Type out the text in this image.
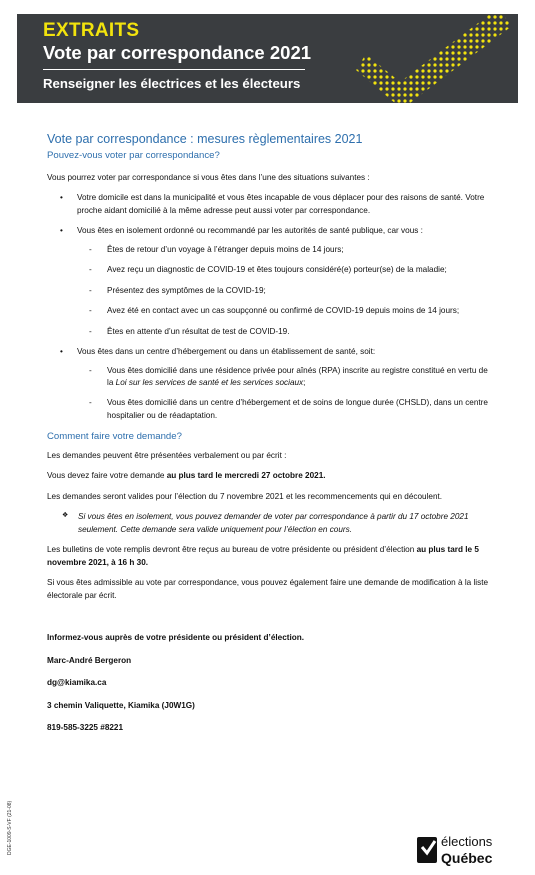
EXTRAITS
Vote par correspondance 2021
Renseigner les électrices et les électeurs
Vote par correspondance : mesures règlementaires 2021
Pouvez-vous voter par correspondance?

Vous pourrez voter par correspondance si vous êtes dans l’une des situations suivantes :

• Votre domicile est dans la municipalité et vous êtes incapable de vous déplacer pour des raisons de santé. Votre proche aidant domicilié à la même adresse peut aussi voter par correspondance.
• Vous êtes en isolement ordonné ou recommandé par les autorités de santé publique, car vous :
- Êtes de retour d’un voyage à l’étranger depuis moins de 14 jours;
- Avez reçu un diagnostic de COVID-19 et êtes toujours considéré(e) porteur(se) de la maladie;
- Présentez des symptômes de la COVID-19;
- Avez été en contact avec un cas soupçonné ou confirmé de COVID-19 depuis moins de 14 jours;
- Êtes en attente d’un résultat de test de COVID-19.
• Vous êtes dans un centre d’hébergement ou dans un établissement de santé, soit:
- Vous êtes domicilié dans une résidence privée pour aînés (RPA) inscrite au registre constitué en vertu de la Loi sur les services de santé et les services sociaux;
- Vous êtes domicilié dans un centre d’hébergement et de soins de longue durée (CHSLD), dans un centre hospitalier ou de réadaptation.
Comment faire votre demande?

Les demandes peuvent être présentées verbalement ou par écrit :

Vous devez faire votre demande au plus tard le mercredi 27 octobre 2021.

Les demandes seront valides pour l’élection du 7 novembre 2021 et les recommencements qui en découlent.

❖ Si vous êtes en isolement, vous pouvez demander de voter par correspondance à partir du 17 octobre 2021 seulement. Cette demande sera valide uniquement pour l’élection en cours.

Les bulletins de vote remplis devront être reçus au bureau de votre présidente ou président d’élection au plus tard le 5 novembre 2021, à 16 h 30.

Si vous êtes admissible au vote par correspondance, vous pouvez également faire une demande de modification à la liste électorale par écrit.

Informez-vous auprès de votre présidente ou président d’élection.
Marc-André Bergeron
dg@kiamika.ca
3 chemin Valiquette, Kiamika (J0W1G)
819-585-3225 #8221
DGE-1009-S-VF (21-08)	élections
Québec
